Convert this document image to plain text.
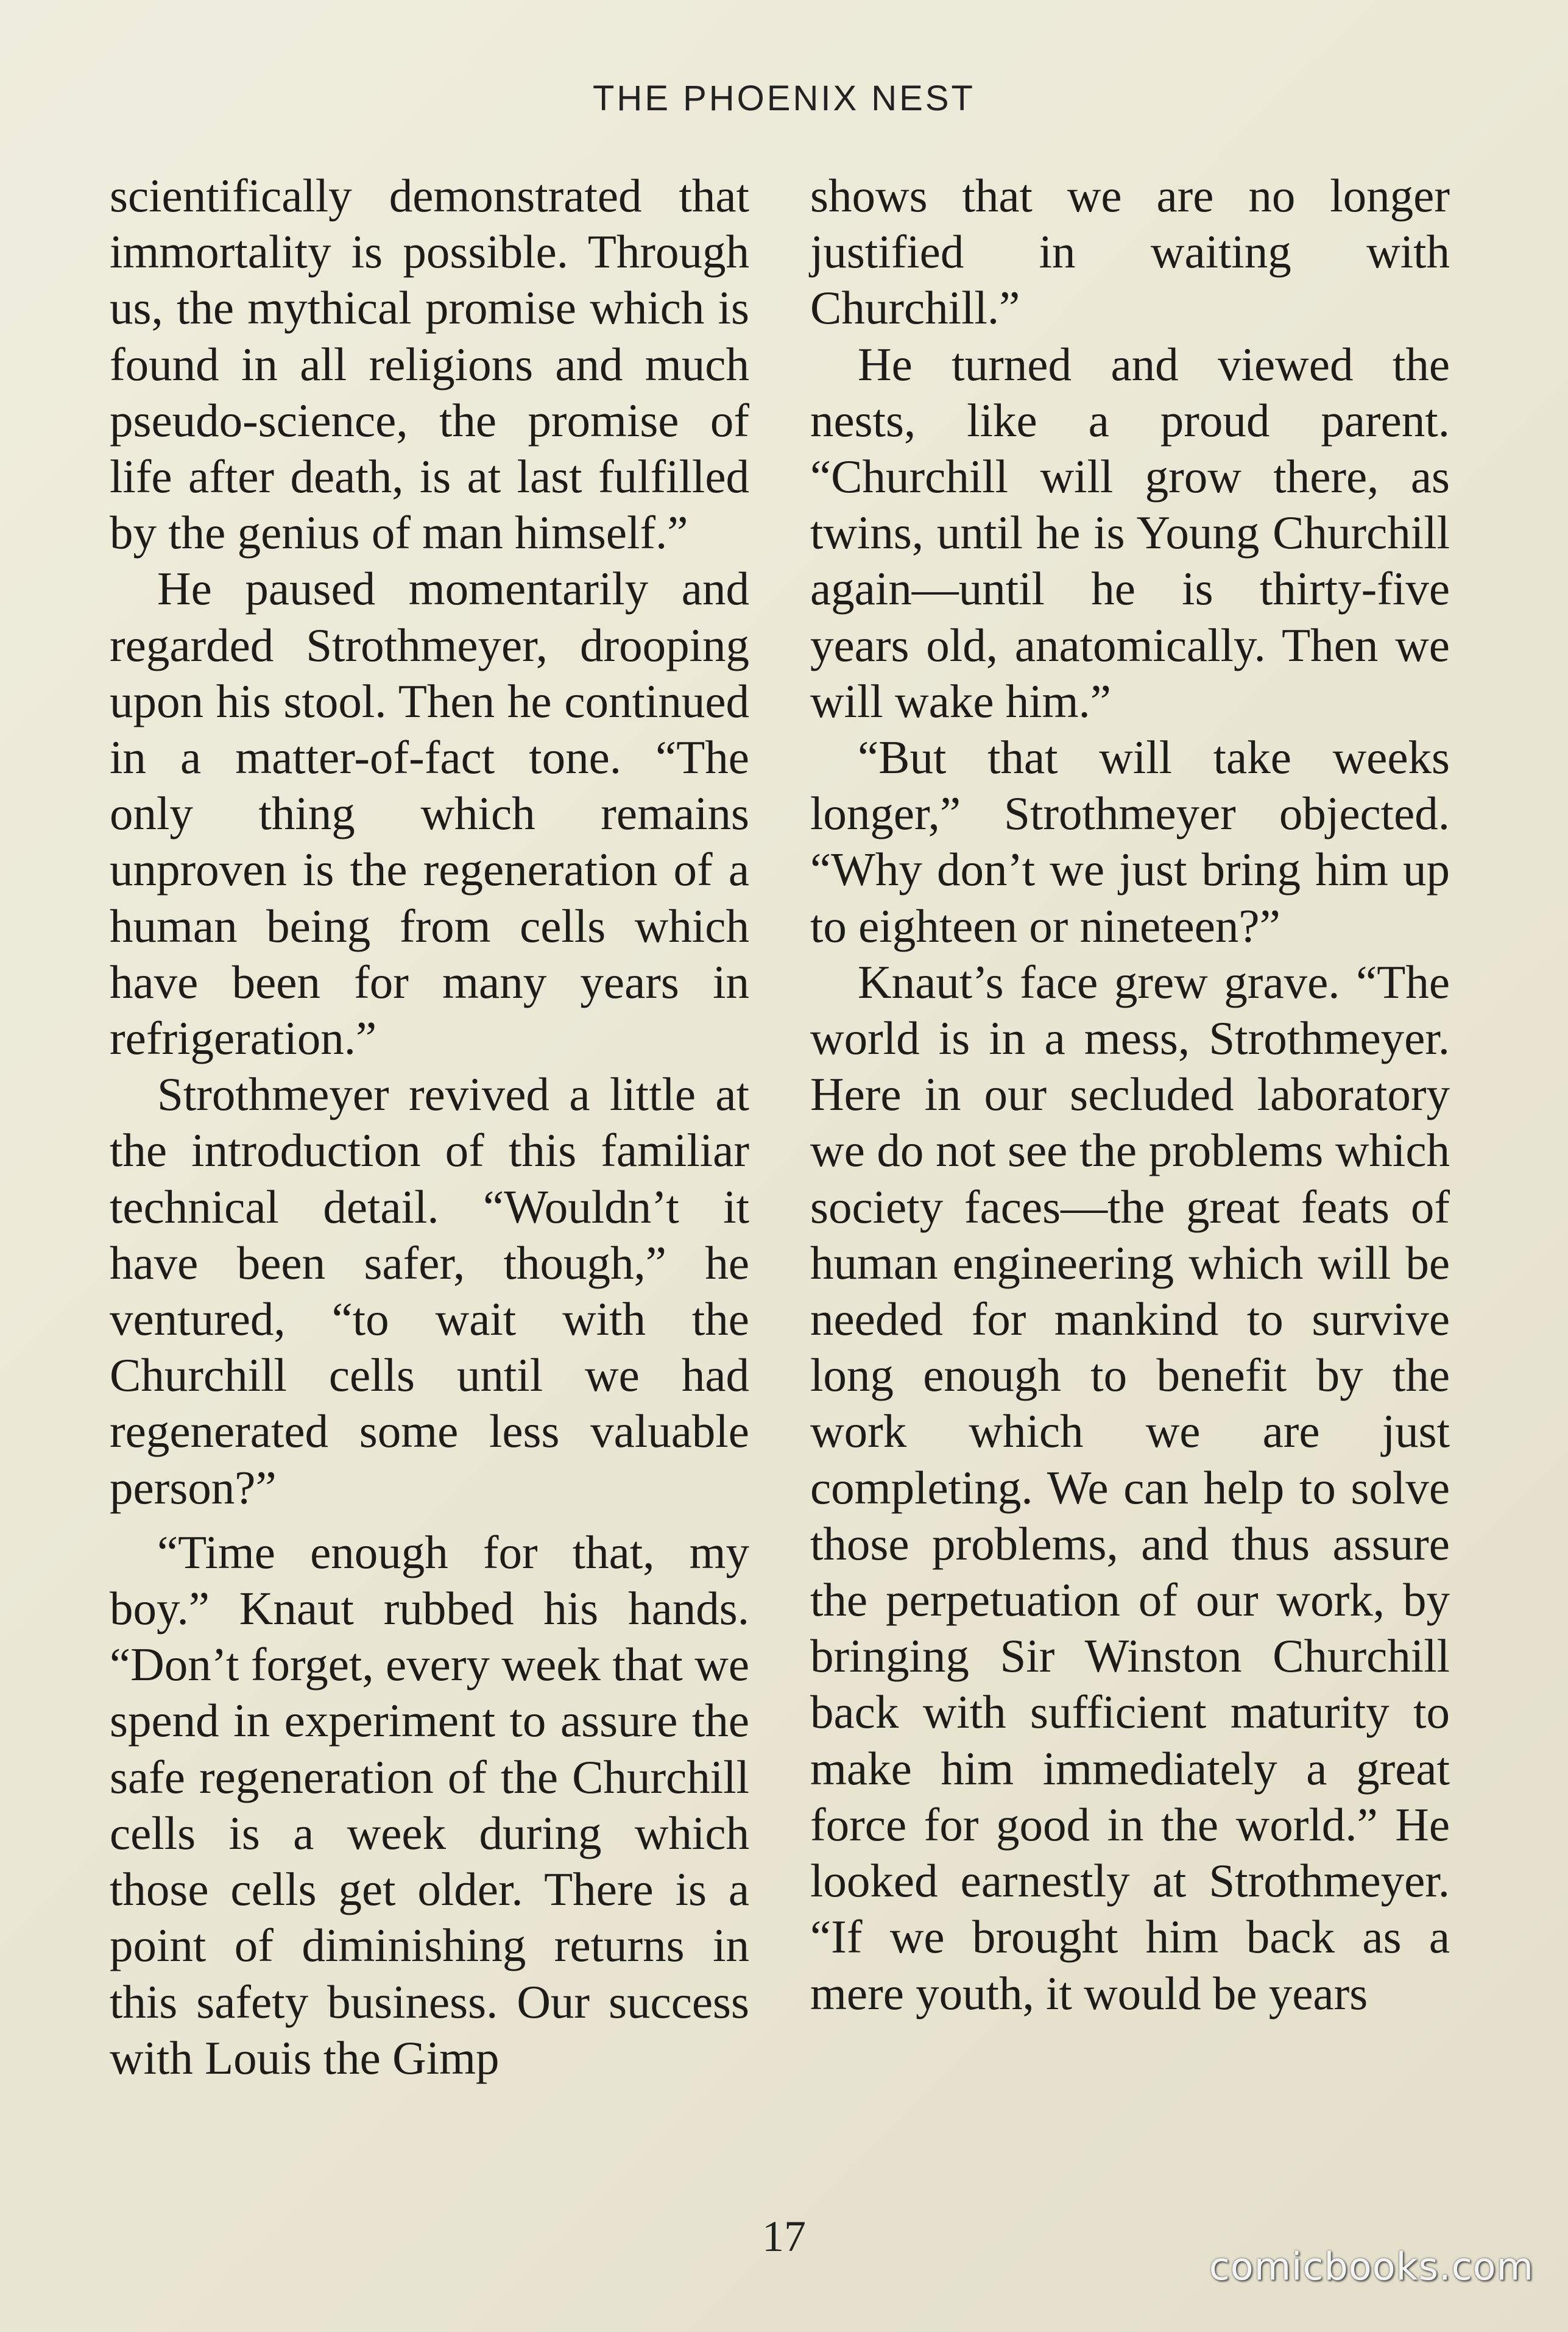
THE PHOENIX NEST

scientifically demonstrated that immortality is possible. Through us, the mythical promise which is found in all religions and much pseudo-science, the promise of life after death, is at last fulfilled by the genius of man himself.”

He paused momentarily and regarded Strothmeyer, drooping upon his stool. Then he continued in a matter-of-fact tone. “The only thing which remains unproven is the regeneration of a human being from cells which have been for many years in refrigeration.”

Strothmeyer revived a little at the introduction of this familiar technical detail. “Wouldn’t it have been safer, though,” he ventured, “to wait with the Churchill cells until we had regenerated some less valuable person?”

“Time enough for that, my boy.” Knaut rubbed his hands. “Don’t forget, every week that we spend in experiment to assure the safe regeneration of the Churchill cells is a week during which those cells get older. There is a point of diminishing returns in this safety business. Our success with Louis the Gimp

shows that we are no longer justified in waiting with Churchill.”

He turned and viewed the nests, like a proud parent. “Churchill will grow there, as twins, until he is Young Churchill again—until he is thirty-five years old, anatomically. Then we will wake him.”

“But that will take weeks longer,” Strothmeyer objected. “Why don’t we just bring him up to eighteen or nineteen?”

Knaut’s face grew grave. “The world is in a mess, Strothmeyer. Here in our secluded laboratory we do not see the problems which society faces—the great feats of human engineering which will be needed for mankind to survive long enough to benefit by the work which we are just completing. We can help to solve those problems, and thus assure the perpetuation of our work, by bringing Sir Winston Churchill back with sufficient maturity to make him immediately a great force for good in the world.” He looked earnestly at Strothmeyer. “If we brought him back as a mere youth, it would be years

17
comicbooks.com
